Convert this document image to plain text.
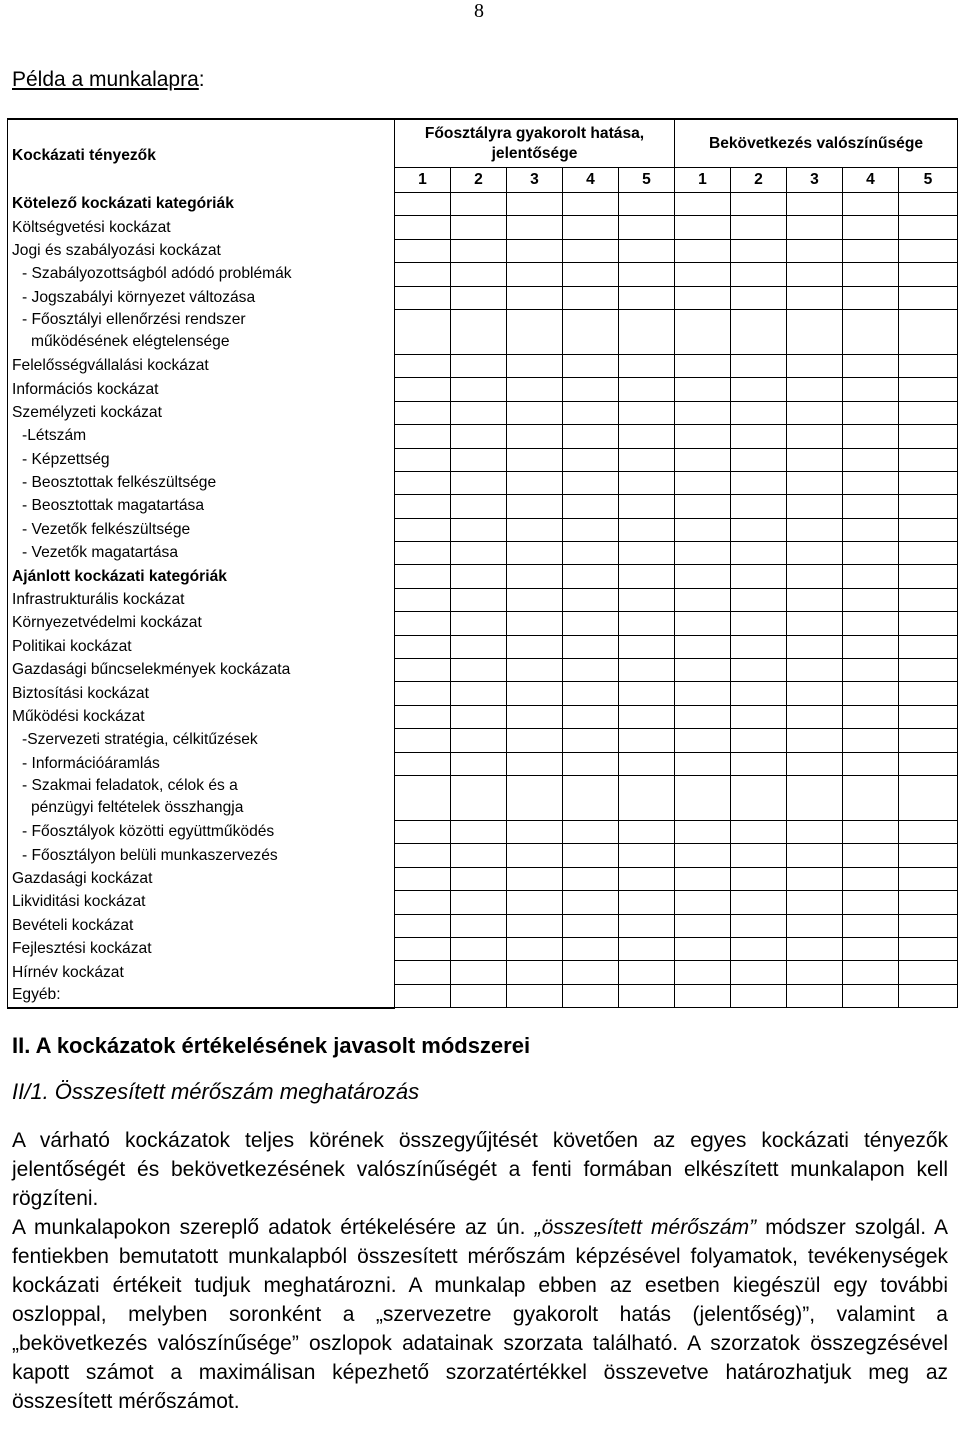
8
Példa a munkalapra:
Kockázati tényezők	Főosztályra gyakorolt hatása, jelentősége					Bekövetkezés valószínűsége				
	1	2	3	4	5	1	2	3	4	5
Kötelező kockázati kategóriák										
Költségvetési kockázat										
Jogi és szabályozási kockázat										
- Szabályozottságból adódó problémák										
- Jogszabályi környezet változása										

- Főosztályi ellenőrzési rendszer
működésének elégtelensége										

Felelősségvállalási kockázat										
Információs kockázat										
Személyzeti kockázat										
-Létszám										
- Képzettség										
- Beosztottak felkészültsége										
- Beosztottak magatartása										
- Vezetők felkészültsége										
- Vezetők magatartása										
Ajánlott kockázati kategóriák										
Infrastrukturális kockázat										
Környezetvédelmi kockázat										
Politikai kockázat										
Gazdasági bűncselekmények kockázata										
Biztosítási kockázat										
Működési kockázat										
-Szervezeti stratégia, célkitűzések										
- Információáramlás										

- Szakmai feladatok, célok és a
pénzügyi feltételek összhangja										

- Főosztályok közötti együttműködés										
- Főosztályon belüli munkaszervezés										
Gazdasági kockázat										
Likviditási kockázat										
Bevételi kockázat										
Fejlesztési kockázat										
Hírnév kockázat										
Egyéb:										
II. A kockázatok értékelésének javasolt módszerei
II/1. Összesített mérőszám meghatározás

A várható kockázatok teljes körének összegyűjtését követően az egyes kockázati tényezők jelentőségét és bekövetkezésének valószínűségét a fenti formában elkészített munkalapon kell rögzíteni.

A munkalapokon szereplő adatok értékelésére az ún. „összesített mérőszám” módszer szolgál. A fentiekben bemutatott munkalapból összesített mérőszám képzésével folyamatok, tevékenységek kockázati értékeit tudjuk meghatározni. A munkalap ebben az esetben kiegészül egy további oszloppal, melyben soronként a „szervezetre gyakorolt hatás (jelentőség)”, valamint a „bekövetkezés valószínűsége” oszlopok adatainak szorzata található. A szorzatok összegzésével kapott számot a maximálisan képezhető szorzatértékkel összevetve határozhatjuk meg az összesített mérőszámot.
